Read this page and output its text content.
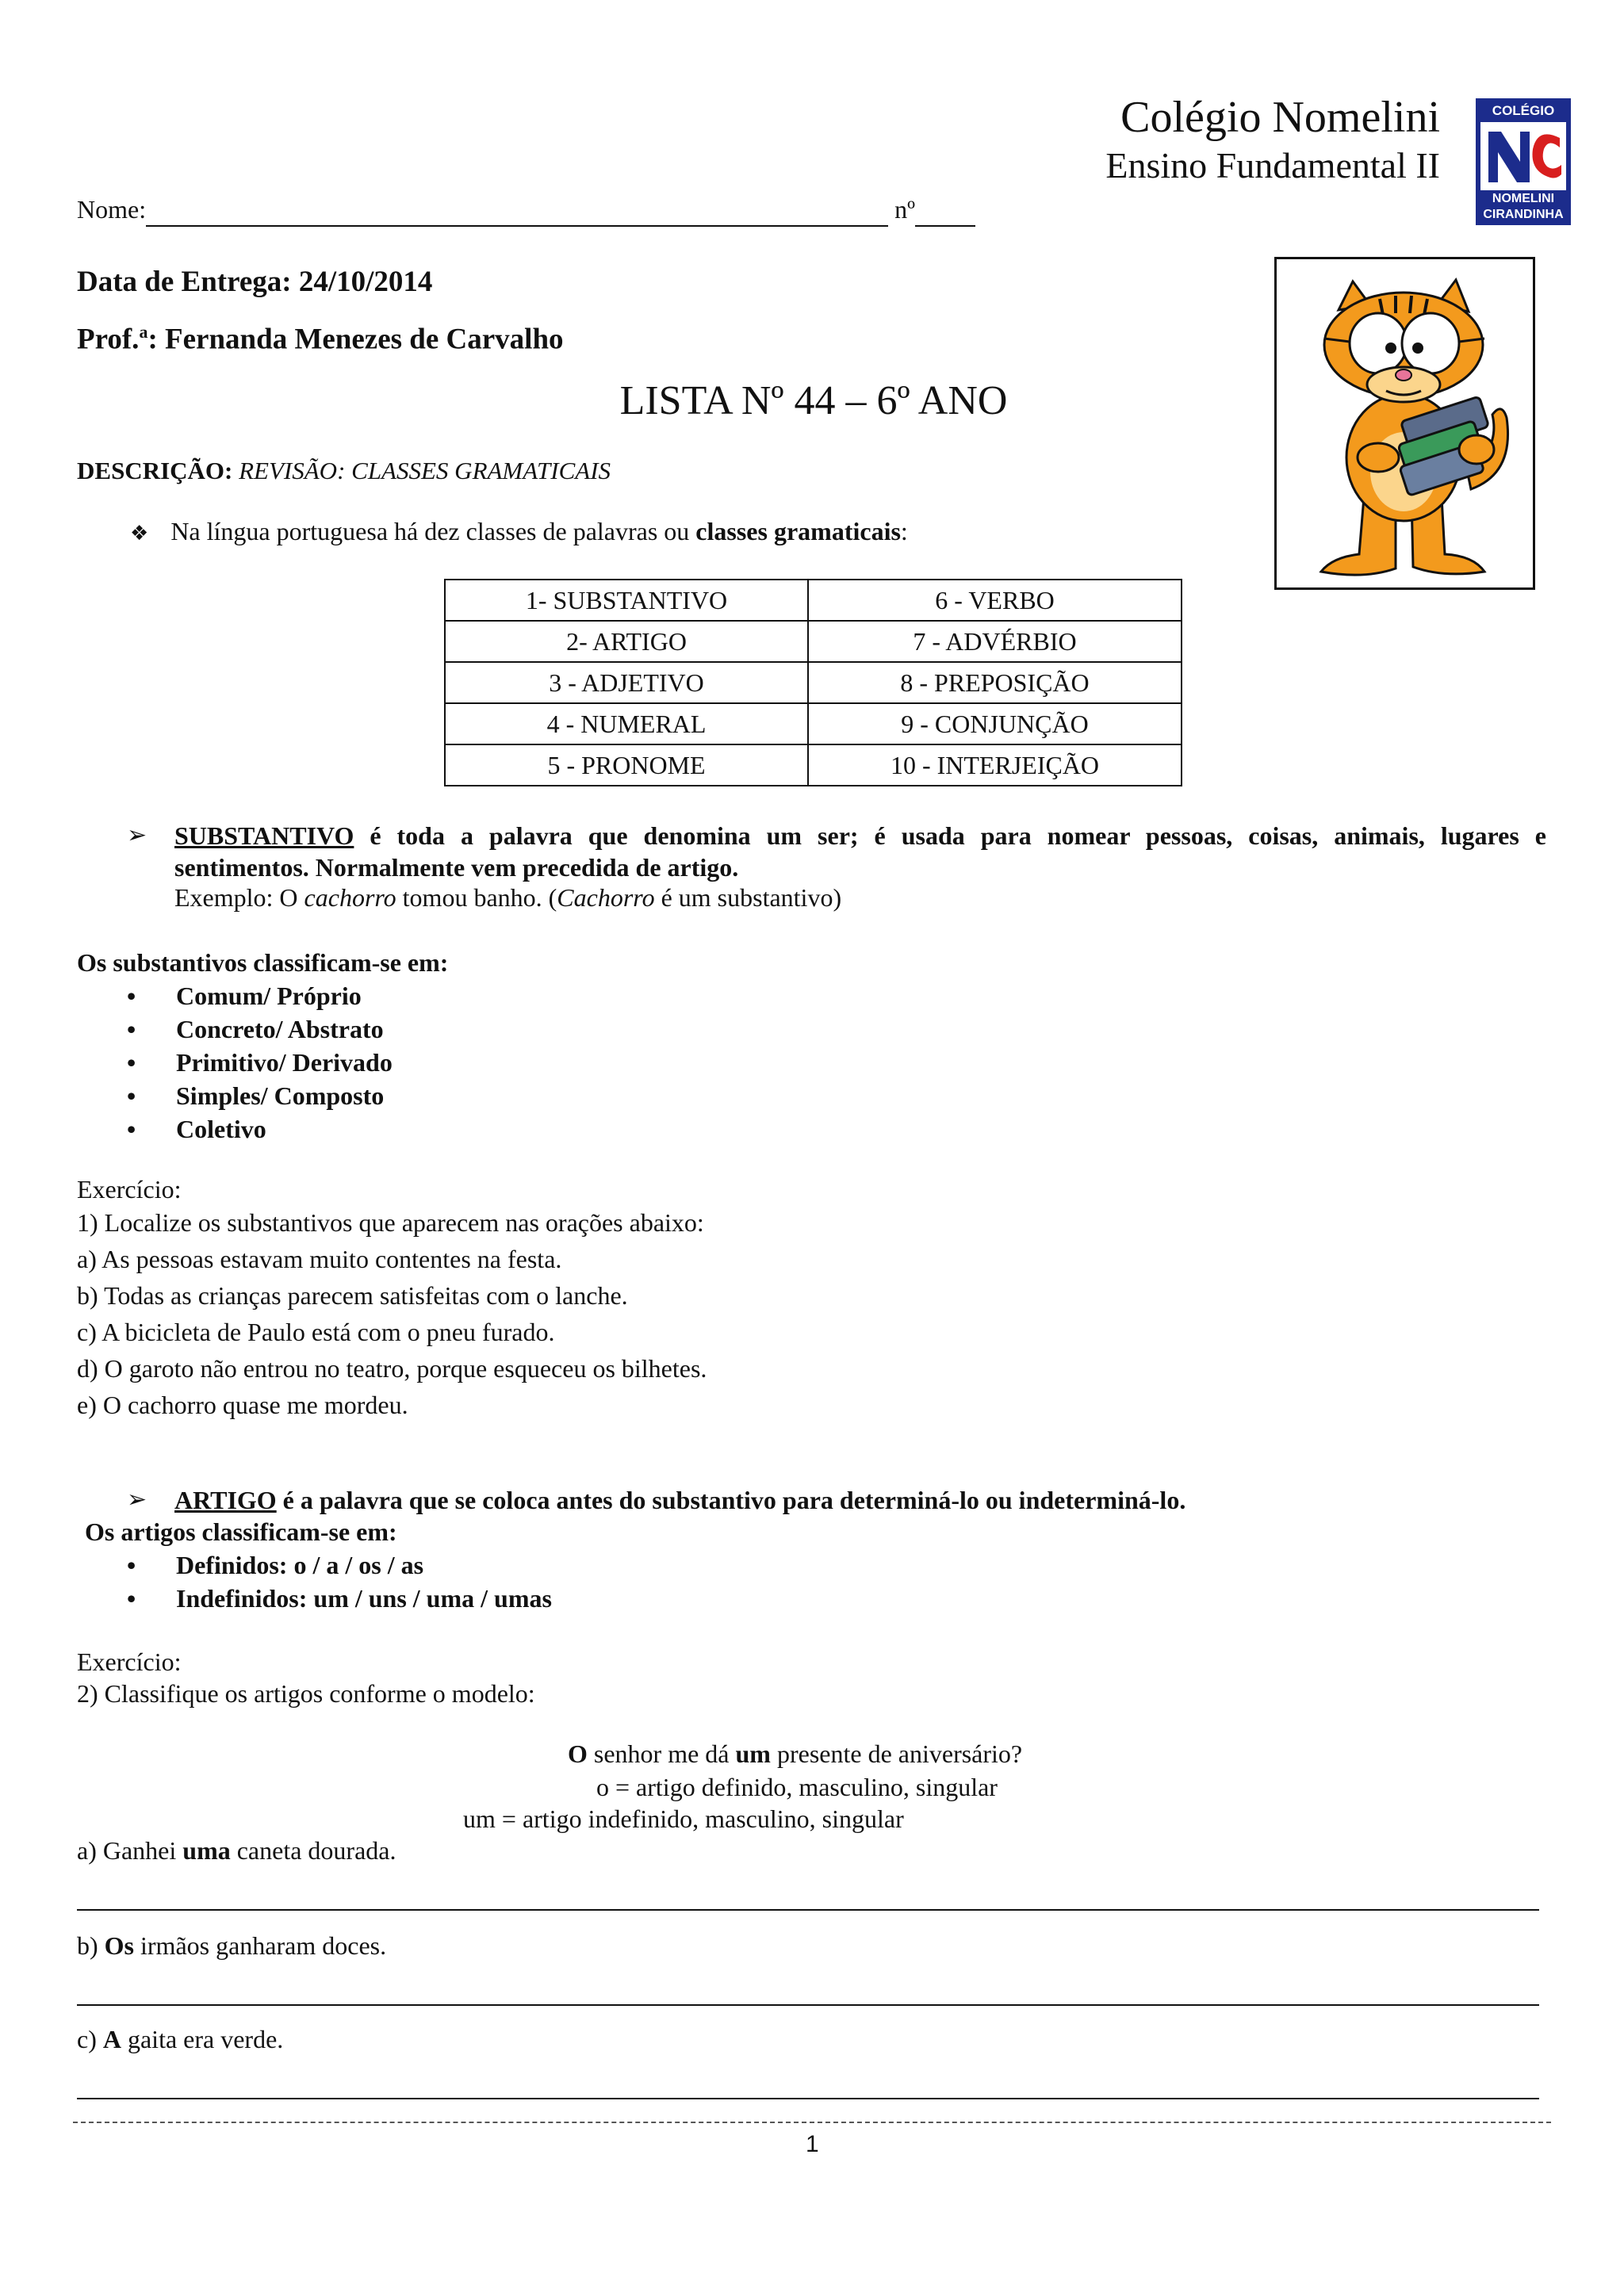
Colégio Nomelini
Ensino Fundamental II
COLÉGIO
NOMELINI
CIRANDINHA
Nome:	nº
Data de Entrega: 24/10/2014
Prof.$^a$: Fernanda Menezes de Carvalho
LISTA Nº 44 – 6º ANO
DESCRIÇÃO: REVISÃO: CLASSES GRAMATICAIS
❖ Na língua portuguesa há dez classes de palavras ou classes gramaticais:
1- SUBSTANTIVO	6 - VERBO
2- ARTIGO	7 - ADVÉRBIO
3 - ADJETIVO	8 - PREPOSIÇÃO
4 - NUMERAL	9 - CONJUNÇÃO
5 - PRONOME	10 - INTERJEIÇÃO
➢ SUBSTANTIVO é toda a palavra que denomina um ser; é usada para nomear pessoas, coisas, animais, lugares e
sentimentos. Normalmente vem precedida de artigo.
Exemplo: O cachorro tomou banho. (Cachorro é um substantivo)
Os substantivos classificam-se em:
• Comum/ Próprio
• Concreto/ Abstrato
• Primitivo/ Derivado
• Simples/ Composto
• Coletivo
Exercício:
1) Localize os substantivos que aparecem nas orações abaixo:
a) As pessoas estavam muito contentes na festa.
b) Todas as crianças parecem satisfeitas com o lanche.
c) A bicicleta de Paulo está com o pneu furado.
d) O garoto não entrou no teatro, porque esqueceu os bilhetes.
e) O cachorro quase me mordeu.
➢ ARTIGO é a palavra que se coloca antes do substantivo para determiná-lo ou indeterminá-lo.
Os artigos classificam-se em:
• Definidos: o / a / os / as
• Indefinidos: um / uns / uma / umas
Exercício:
2) Classifique os artigos conforme o modelo:
O senhor me dá um presente de aniversário?
o = artigo definido, masculino, singular
um = artigo indefinido, masculino, singular
a) Ganhei uma caneta dourada.
b) Os irmãos ganharam doces.
c) A gaita era verde.
1
